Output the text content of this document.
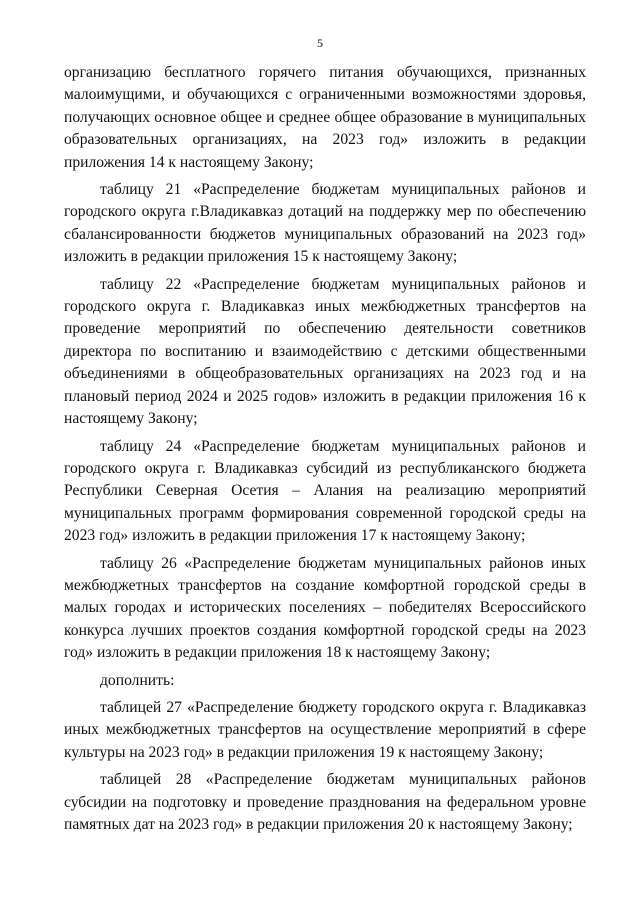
5

организацию бесплатного горячего питания обучающихся, признанных малоимущими, и обучающихся с ограниченными возможностями здоровья, получающих основное общее и среднее общее образование в муниципальных образовательных организациях, на 2023 год» изложить в редакции приложения 14 к настоящему Закону;

таблицу 21 «Распределение бюджетам муниципальных районов и городского округа г.Владикавказ дотаций на поддержку мер по обеспечению сбалансированности бюджетов муниципальных образований на 2023 год» изложить в редакции приложения 15 к настоящему Закону;

таблицу 22 «Распределение бюджетам муниципальных районов и городского округа г. Владикавказ иных межбюджетных трансфертов на проведение мероприятий по обеспечению деятельности советников директора по воспитанию и взаимодействию с детскими общественными объединениями в общеобразовательных организациях на 2023 год и на плановый период 2024 и 2025 годов» изложить в редакции приложения 16 к настоящему Закону;

таблицу 24 «Распределение бюджетам муниципальных районов и городского округа г. Владикавказ субсидий из республиканского бюджета Республики Северная Осетия – Алания на реализацию мероприятий муниципальных программ формирования современной городской среды на 2023 год» изложить в редакции приложения 17 к настоящему Закону;

таблицу 26 «Распределение бюджетам муниципальных районов иных межбюджетных трансфертов на создание комфортной городской среды в малых городах и исторических поселениях – победителях Всероссийского конкурса лучших проектов создания комфортной городской среды на 2023 год» изложить в редакции приложения 18 к настоящему Закону;

дополнить:

таблицей 27 «Распределение бюджету городского округа г. Владикавказ иных межбюджетных трансфертов на осуществление мероприятий в сфере культуры на 2023 год» в редакции приложения 19 к настоящему Закону;

таблицей 28 «Распределение бюджетам муниципальных районов субсидии на подготовку и проведение празднования на федеральном уровне памятных дат на 2023 год» в редакции приложения 20 к настоящему Закону;
